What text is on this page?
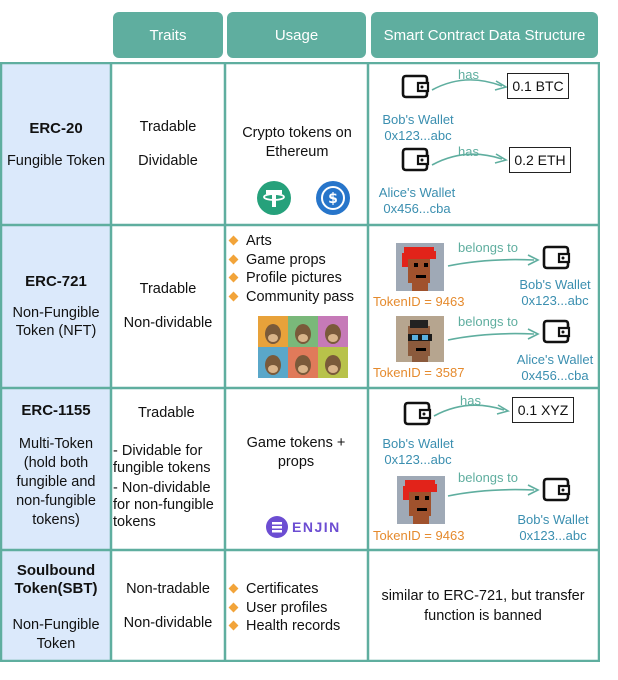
Traits	Usage	Smart Contract Data Structure
ERC-20
Fungible Token
Tradable
Dividable
Crypto tokens on Ethereum
$
has
0.1 BTC
Bob's Wallet
0x123...abc
has
0.2 ETH
Alice's Wallet
0x456...cba
ERC-721
Non-Fungible Token (NFT)
Tradable
Non-dividable
Arts
Game props
Profile pictures
Community pass TokenID = 9463
belongs to
Bob's Wallet
0x123...abc
TokenID = 3587
belongs to
Alice's Wallet
0x456...cba
ERC-1155
Multi-Token (hold both fungible and non-fungible tokens)
Tradable
- Dividable for fungible tokens
- Non-dividable for non-fungible tokens
Game tokens + props
ENJIN
has
0.1 XYZ
Bob's Wallet
0x123...abc
TokenID = 9463
belongs to
Bob's Wallet
0x123...abc
Soulbound Token(SBT)
Non-Fungible Token
Non-tradable
Non-dividable
Certificates
User profiles
Health records
similar to ERC-721, but transfer function is banned
